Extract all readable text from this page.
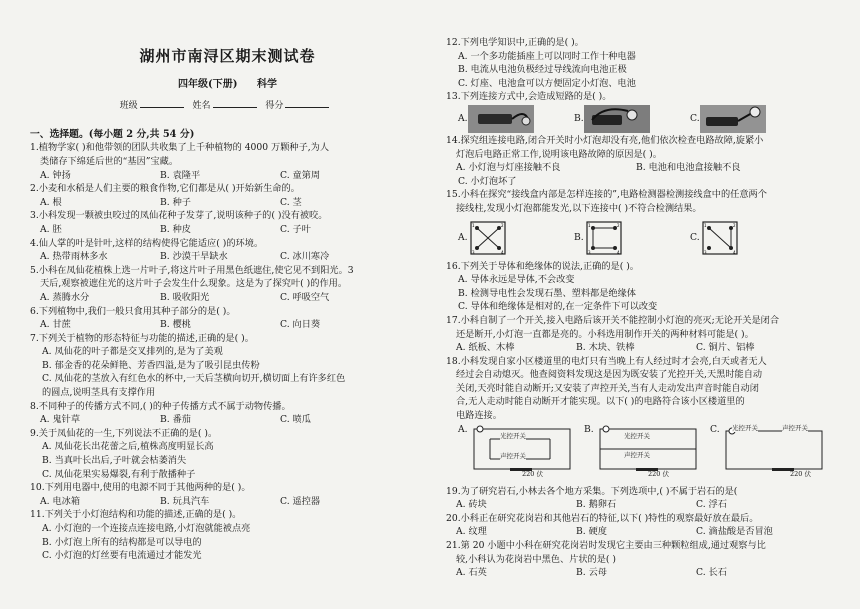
湖州市南浔区期末测试卷
四年级(下册) 科学
班级	姓名	得分
一、选择题。(每小题 2 分,共 54 分)
1.植物学家( )和他带领的团队共收集了上千种植物的 4000 万颗种子,为人
类储存下绵延后世的“基因”宝藏。
A. 钟扬	B. 袁隆平	C. 童第周
2.小麦和水稻是人们主要的粮食作物,它们都是从( )开始新生命的。
A. 根	B. 种子	C. 茎
3.小科发现一颗被虫咬过的凤仙花种子发芽了,说明该种子的( )没有被咬。
A. 胚	B. 种皮	C. 子叶
4.仙人掌的叶是针叶,这样的结构使得它能适应( )的环境。
A. 热带雨林多水	B. 沙漠干旱缺水	C. 冰川寒冷
5.小科在凤仙花植株上选一片叶子,将这片叶子用黑色纸遮住,使它见不到阳光。3
天后,观察被遮住光的这片叶子会发生什么现象。这是为了探究叶( )的作用。
A. 蒸腾水分	B. 吸收阳光	C. 呼吸空气
6.下列植物中,我们一般只食用其种子部分的是( )。
A. 甘蔗	B. 樱桃	C. 向日葵
7.下列关于植物的形态特征与功能的描述,正确的是( )。
A. 凤仙花的叶子都是交叉排列的,是为了美观
B. 郁金香的花朵鲜艳、芳香四溢,是为了吸引昆虫传粉
C. 凤仙花的茎放入有红色水的杯中,一天后茎横向切开,横切面上有许多红色
的圆点,说明茎具有支撑作用
8.不同种子的传播方式不同,( )的种子传播方式不属于动物传播。
A. 鬼针草	B. 番茄	C. 喷瓜
9.关于凤仙花的一生,下列说法不正确的是( )。
A. 凤仙花长出花蕾之后,植株高度明显长高
B. 当真叶长出后,子叶就会枯萎消失
C. 凤仙花果实易爆裂,有利于散播种子
10.下列用电器中,使用的电源不同于其他两种的是( )。
A. 电冰箱	B. 玩具汽车	C. 遥控器
11.下列关于小灯泡结构和功能的描述,正确的是( )。
A. 小灯泡的一个连接点连接电路,小灯泡就能被点亮
B. 小灯泡上所有的结构都是可以导电的
C. 小灯泡的灯丝要有电流通过才能发光
12.下列电学知识中,正确的是( )。
A. 一个多功能插座上可以同时工作十种电器
B. 电流从电池负极经过导线流向电池正极
C. 灯座、电池盒可以方便固定小灯泡、电池
13.下列连接方式中,会造成短路的是( )。
A.	B.	C.
14.探究组连接电路,闭合开关时小灯泡却没有亮,他们依次检查电路故障,旋紧小
灯泡后电路正常工作,说明该电路故障的原因是( )。
A. 小灯泡与灯座接触不良	B. 电池和电池盒接触不良
C. 小灯泡坏了
15.小科在探究“接线盒内部是怎样连接的”,电路检测器检测接线盒中的任意两个
接线柱,发现小灯泡都能发光,以下连接中( )不符合检测结果。
A.
1	2
3	4
B.
1	2
3	4
C.
1	2
3	4
16.下列关于导体和绝缘体的说法,正确的是( )。
A. 导体永远是导体,不会改变
B. 检测导电性会发现石墨、塑料都是绝缘体
C. 导体和绝缘体是相对的,在一定条件下可以改变
17.小科自制了一个开关,接入电路后该开关不能控制小灯泡的亮灭;无论开关是闭合
还是断开,小灯泡一直都是亮的。小科选用制作开关的两种材料可能是( )。
A. 纸板、木棒	B. 木块、铁棒	C. 铜片、铝棒
18.小科发现自家小区楼道里的电灯只有当晚上有人经过时才会亮,白天或者无人
经过会自动熄灭。他查阅资料发现这是因为既安装了光控开关,天黑时能自动
关闭,天亮时能自动断开;又安装了声控开关,当有人走动发出声音时能自动闭
合,无人走动时能自动断开才能实现。以下( )的电路符合该小区楼道里的
电路连接。
A.
光控开关
声控开关
220 伏
B.
光控开关
声控开关
220 伏
C. 光控开关	声控开关
220 伏
19.为了研究岩石,小林去各个地方采集。下列选项中,( )不属于岩石的是(
A. 砖块	B. 鹅卵石	C. 浮石
20.小科正在研究花岗岩和其他岩石的特征,以下( )特性的观察最好放在最后。
A. 纹理	B. 硬度	C. 滴盐酸是否冒泡
21.第 20 小题中小科在研究花岗岩时发现它主要由三种颗粒组成,通过观察与比
较,小科认为花岗岩中黑色、片状的是( )
A. 石英	B. 云母	C. 长石
